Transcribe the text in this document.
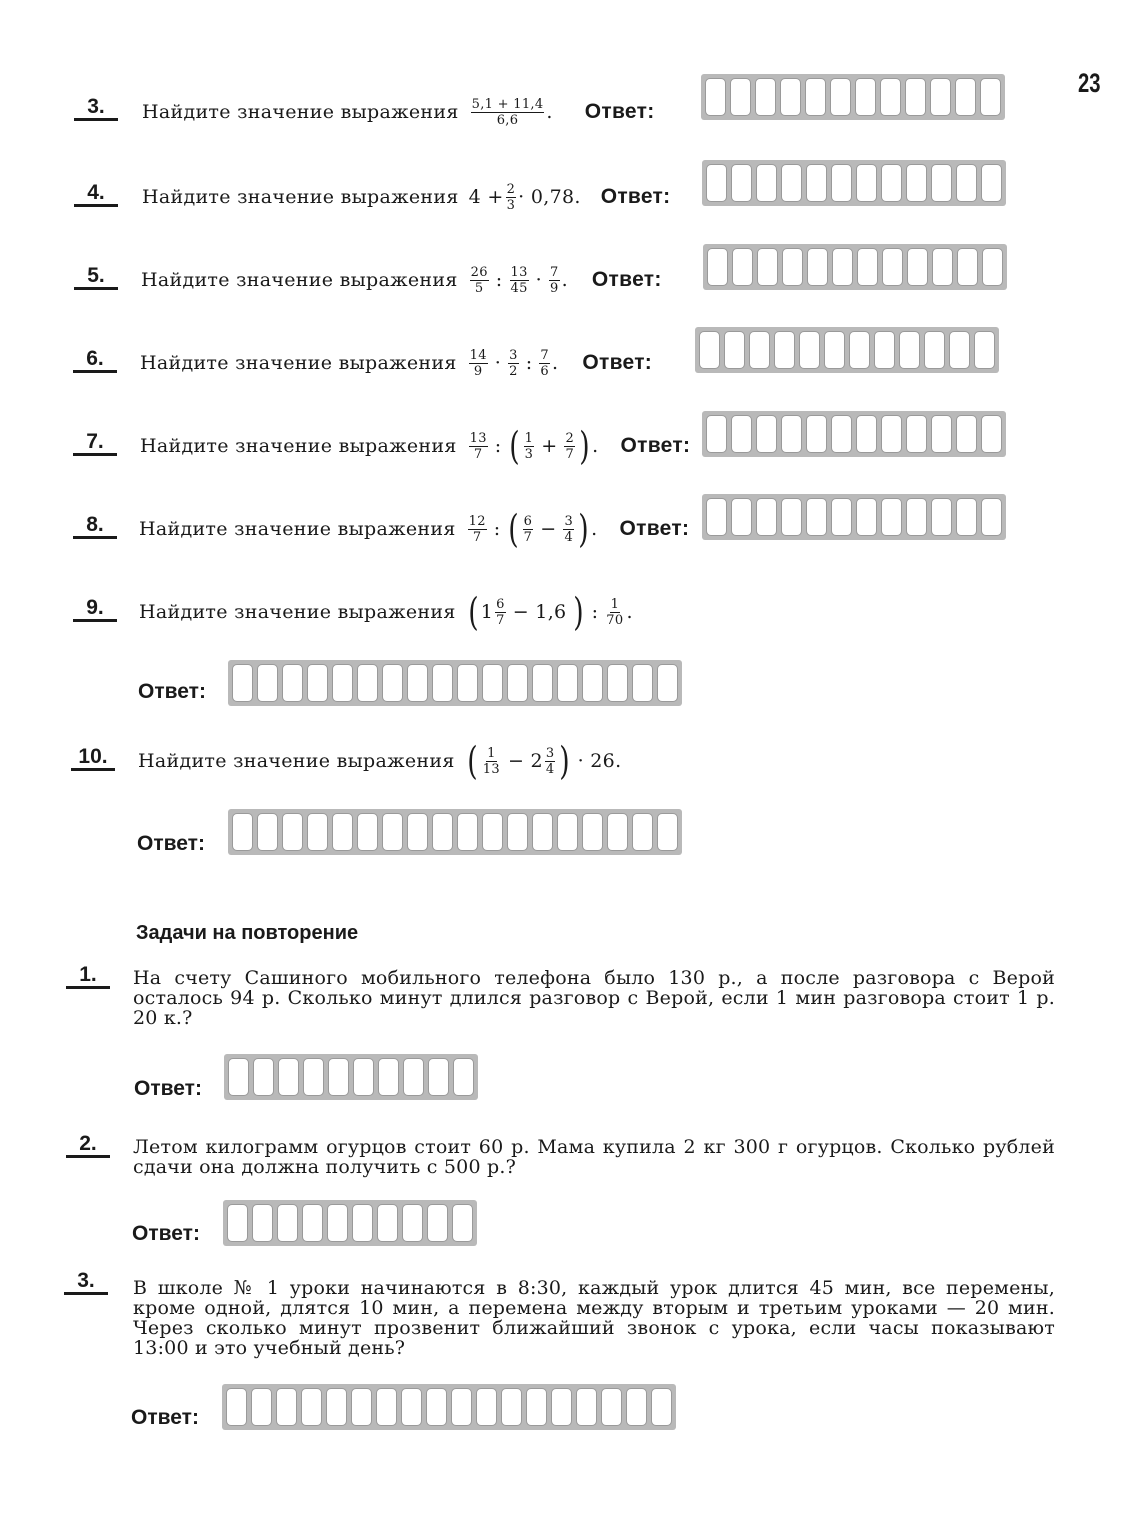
23
3.	Найдите значение выражения $\frac{5,1 + 11,4}{6,6}$ . Ответ:
4.	Найдите значение выражения $4 + \frac{2}{3} \cdot 0,78$. Ответ:
5.	Найдите значение выражения $\frac{26}{5}$ : $\frac{13}{45} \cdot \frac{7}{9}$ . Ответ:
6.	Найдите значение выражения $\frac{14}{9} \cdot \frac{3}{2}$ : $\frac{7}{6}$ . Ответ:
7.	Найдите значение выражения $\frac{13}{7}$ : ( $\frac{1}{3} + \frac{2}{7}$ ) . Ответ:
8.	Найдите значение выражения $\frac{12}{7}$ : ( $\frac{6}{7} - \frac{3}{4}$ ) . Ответ:
9.	Найдите значение выражения ( $1 \frac{6}{7} - 1,6$ ) : $\frac{1}{70}$ .
Ответ:
10.	Найдите значение выражения ( $\frac{1}{13} - 2 \frac{3}{4}$ ) · 26.
Ответ:
Задачи на повторение
1.	На счету Сашиного мобильного телефона было 130 р., а после разговора с Верой осталось 94 р. Сколько минут длился разговор с Верой, если 1 мин разговора стоит 1 р. 20 к.?
Ответ:
2.	Летом килограмм огурцов стоит 60 р. Мама купила 2 кг 300 г огурцов. Сколько рублей сдачи она должна получить с 500 р.?
Ответ:
3.	В школе № 1 уроки начинаются в 8:30, каждый урок длится 45 мин, все перемены, кроме одной, длятся 10 мин, а перемена между вторым и третьим уроками — 20 мин. Через сколько минут прозвенит ближайший звонок с урока, если часы показывают 13:00 и это учебный день?
Ответ:
